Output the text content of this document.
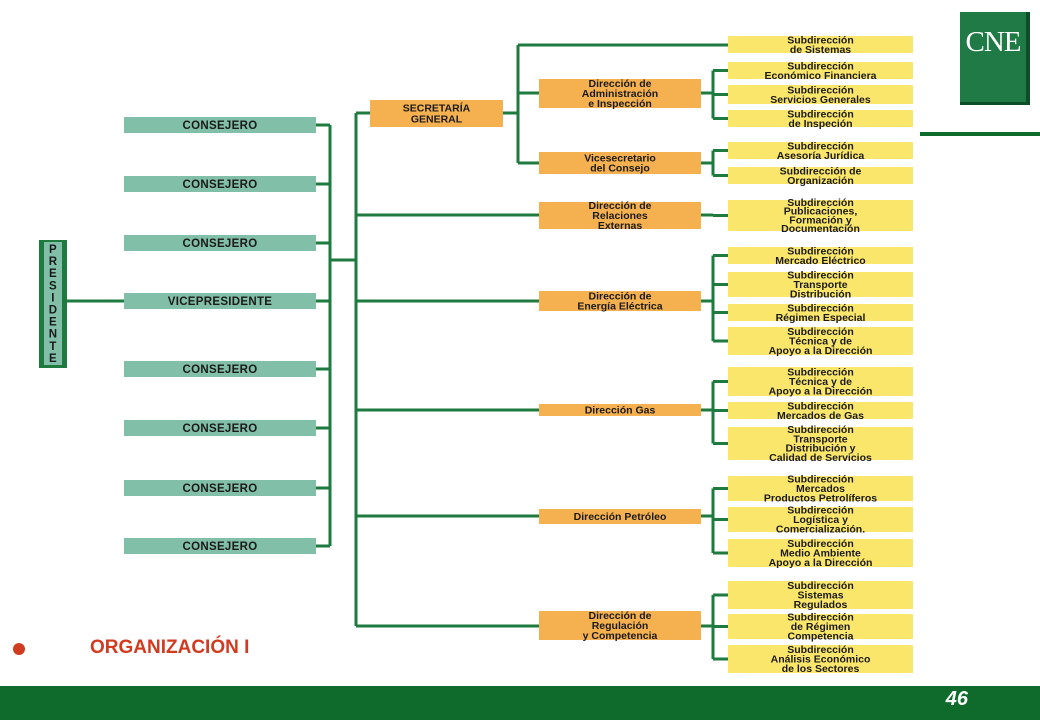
CNE
P
R
E
S
I
D
E
N
T
E
CONSEJERO
CONSEJERO
CONSEJERO
VICEPRESIDENTE
CONSEJERO
CONSEJERO
CONSEJERO
CONSEJERO
SECRETARÍA
GENERAL
Dirección de
Administración
e Inspección
Vicesecretario
del Consejo
Dirección de
Relaciones
Externas
Dirección de
Energía Eléctrica
Dirección Gas
Dirección Petróleo
Dirección de
Regulación
y Competencia
Subdirección
de Sistemas
Subdirección
Económico Financiera
Subdirección
Servicios Generales
Subdirección
de Inspeción
Subdirección
Asesoría Jurídica
Subdirección de
Organización
Subdirección
Publicaciones,
Formación y
Documentación
Subdirección
Mercado Eléctrico
Subdirección
Transporte
Distribución
Subdirección
Régimen Especial
Subdirección
Técnica y de
Apoyo a la Dirección
Subdirección
Técnica y de
Apoyo a la Dirección
Subdirección
Mercados de Gas
Subdirección
Transporte
Distribución y
Calidad de Servicios
Subdirección
Mercados
Productos Petrolíferos
Subdirección
Logística y
Comercialización.
Subdirección
Medio Ambiente
Apoyo a la Dirección
Subdirección
Sistemas
Regulados
Subdirección
de Régimen
Competencia
Subdirección
Análisis Económico
de los Sectores
ORGANIZACIÓN I
46
